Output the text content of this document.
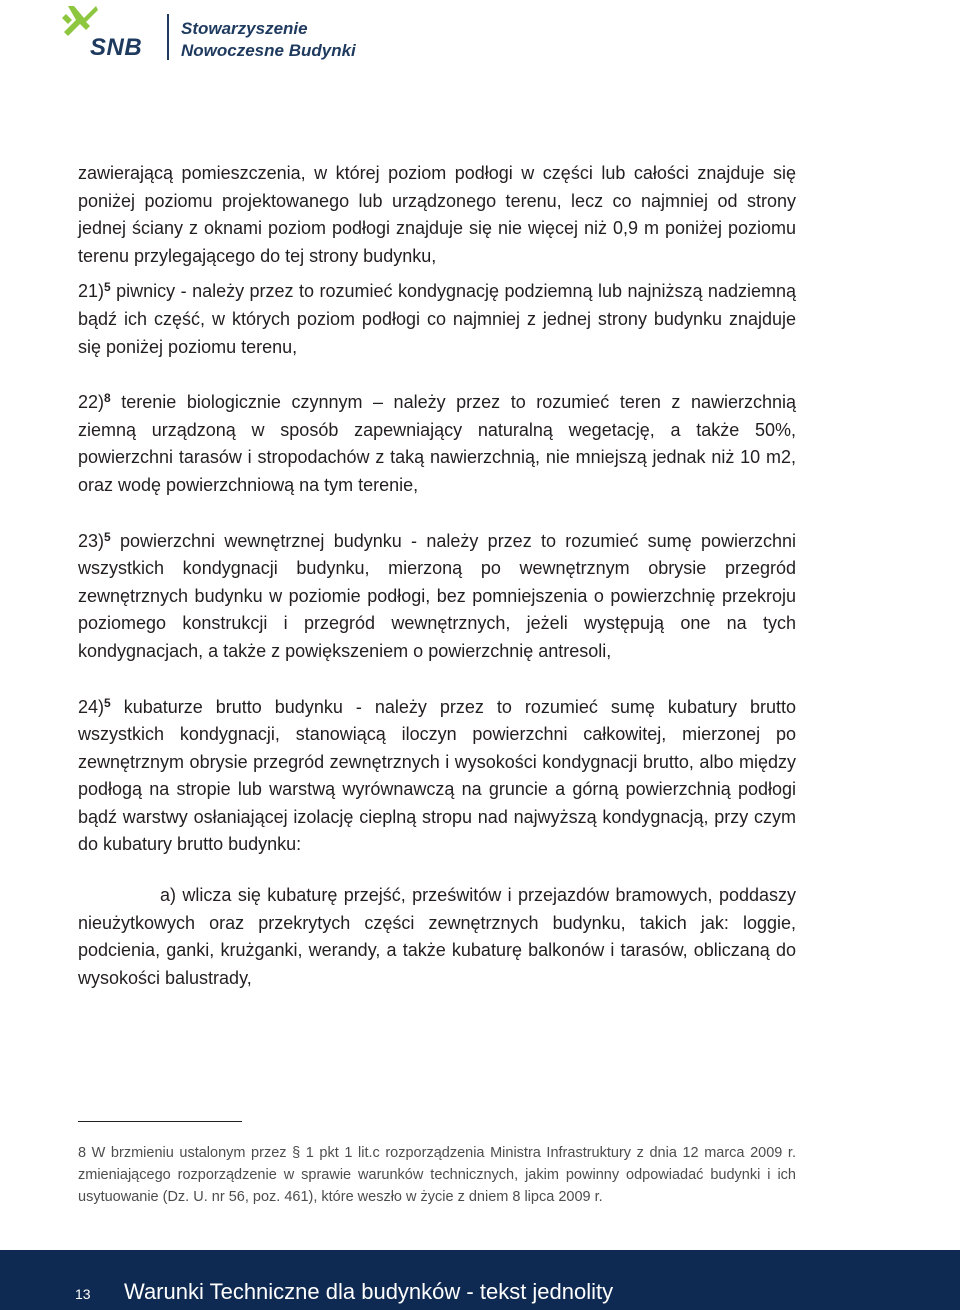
SNB
Stowarzyszenie
Nowoczesne Budynki

zawierającą pomieszczenia, w której poziom podłogi w części lub całości znajduje się poniżej poziomu projektowanego lub urządzonego terenu, lecz co najmniej od strony jednej ściany z oknami poziom podłogi znajduje się nie więcej niż 0,9 m poniżej poziomu terenu przylegającego do tej strony budynku,

21)$^5$ piwnicy - należy przez to rozumieć kondygnację podziemną lub najniższą nadziemną bądź ich część, w których poziom podłogi co najmniej z jednej strony budynku znajduje się poniżej poziomu terenu,

22)$^8$ terenie biologicznie czynnym – należy przez to rozumieć teren z nawierzchnią ziemną urządzoną w sposób zapewniający naturalną wegetację, a także 50%, powierzchni tarasów i stropodachów z taką nawierzchnią, nie mniejszą jednak niż 10 m2, oraz wodę powierzchniową na tym terenie,

23)$^5$ powierzchni wewnętrznej budynku - należy przez to rozumieć sumę powierzchni wszystkich kondygnacji budynku, mierzoną po wewnętrznym obrysie przegród zewnętrznych budynku w poziomie podłogi, bez pomniejszenia o powierzchnię przekroju poziomego konstrukcji i przegród wewnętrznych, jeżeli występują one na tych kondygnacjach, a także z powiększeniem o powierzchnię antresoli,

24)$^5$ kubaturze brutto budynku - należy przez to rozumieć sumę kubatury brutto wszystkich kondygnacji, stanowiącą iloczyn powierzchni całkowitej, mierzonej po zewnętrznym obrysie przegród zewnętrznych i wysokości kondygnacji brutto, albo między podłogą na stropie lub warstwą wyrównawczą na gruncie a górną powierzchnią podłogi bądź warstwy osłaniającej izolację cieplną stropu nad najwyższą kondygnacją, przy czym do kubatury brutto budynku:

a) wlicza się kubaturę przejść, prześwitów i przejazdów bramowych, poddaszy nieużytkowych oraz przekrytych części zewnętrznych budynku, takich jak: loggie, podcienia, ganki, krużganki, werandy, a także kubaturę balkonów i tarasów, obliczaną do wysokości balustrady,

8 W brzmieniu ustalonym przez § 1 pkt 1 lit.c rozporządzenia Ministra Infrastruktury z dnia 12 marca 2009 r. zmieniającego rozporządzenie w sprawie warunków technicznych, jakim powinny odpowiadać budynki i ich usytuowanie (Dz. U. nr 56, poz. 461), które weszło w życie z dniem 8 lipca 2009 r.

13 Warunki Techniczne dla budynków - tekst jednolity
